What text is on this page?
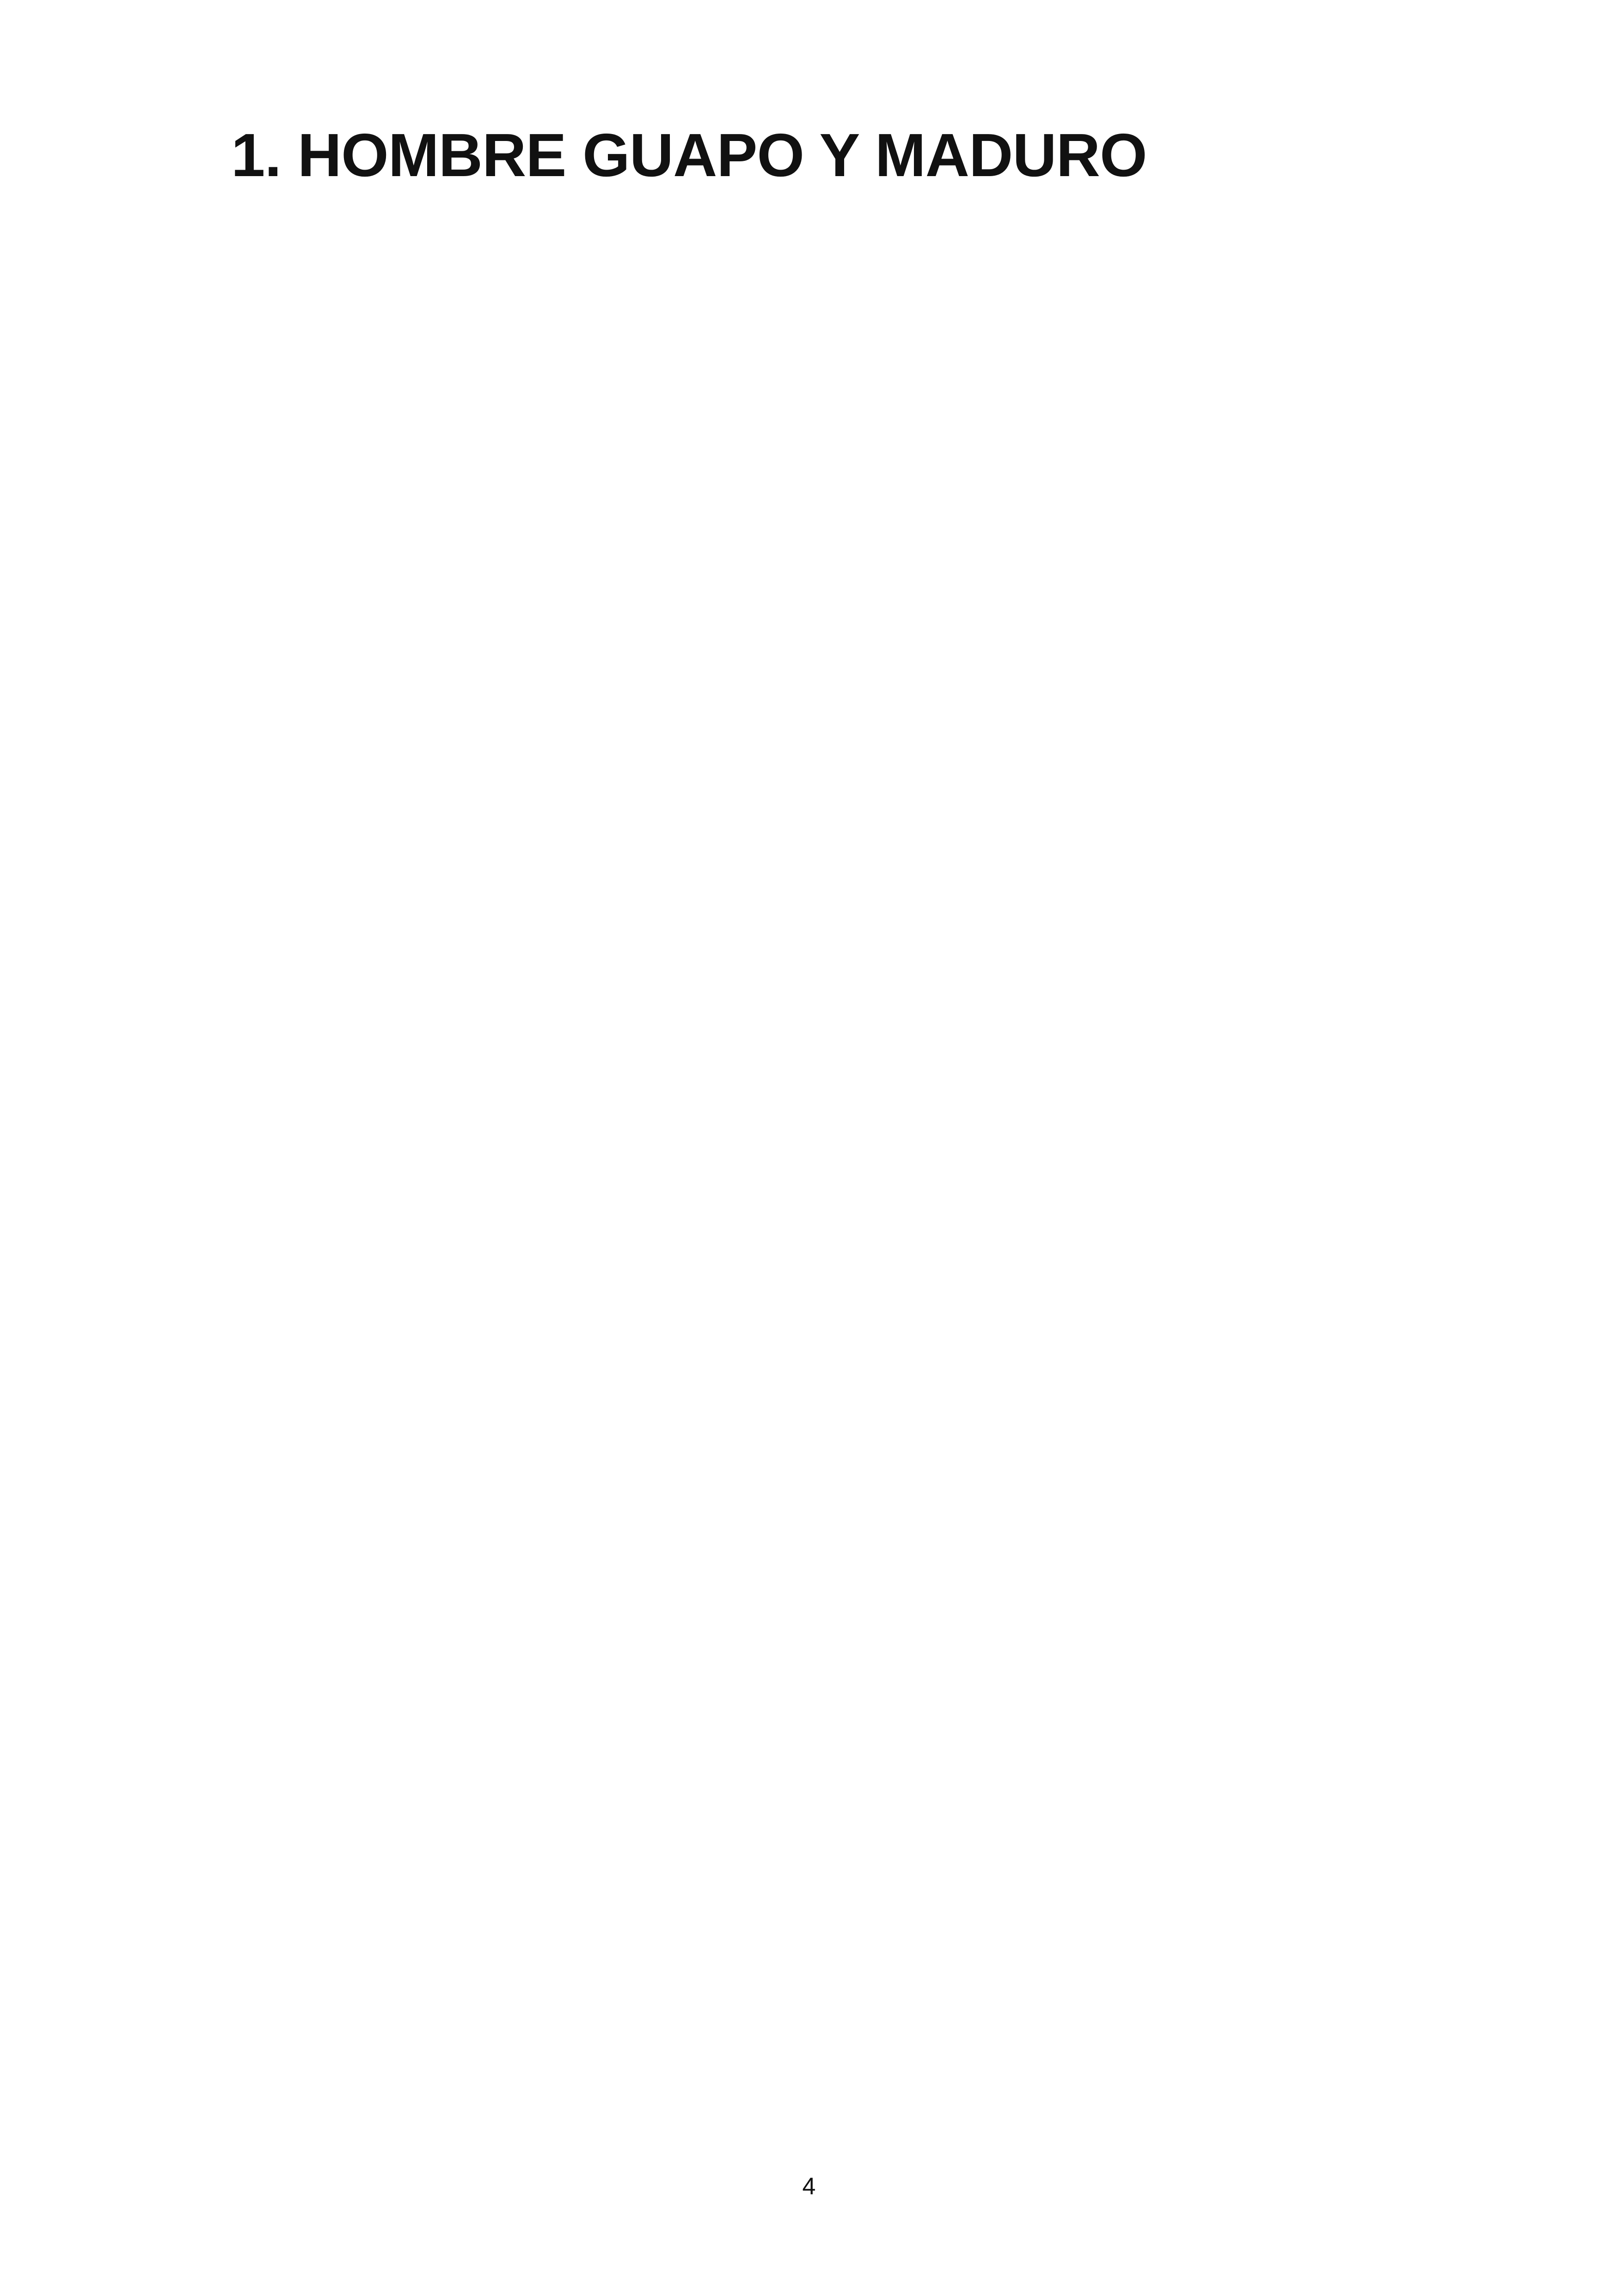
1. HOMBRE GUAPO Y MADURO

4
